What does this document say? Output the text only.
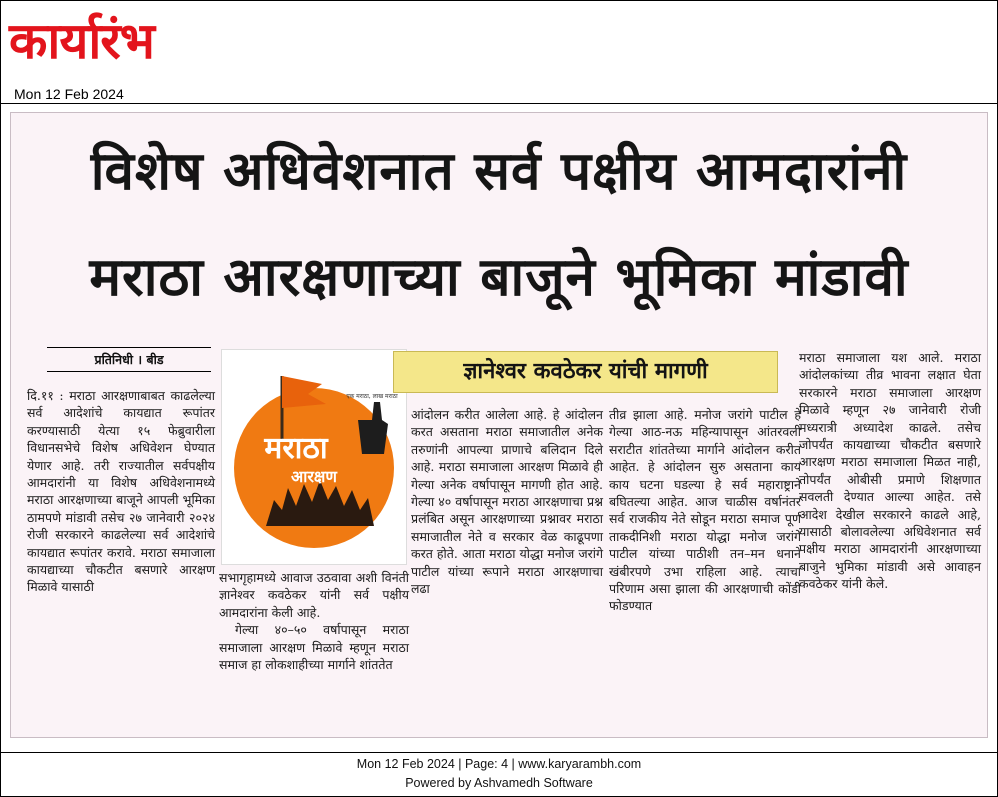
कार्यारंभ
Mon 12 Feb 2024
विशेष अधिवेशनात सर्व पक्षीय आमदारांनी
मराठा आरक्षणाच्या बाजूने भूमिका मांडावी
प्रतिनिधी । बीड
एक मराठा, लाख मराठा
मराठा
आरक्षण
ज्ञानेश्वर कवठेकर यांची मागणी

दि.११ : मराठा आरक्षणाबाबत काढलेल्या सर्व आदेशांचे कायद्यात रूपांतर करण्यासाठी येत्या १५ फेब्रुवारीला विधानसभेचे विशेष अधिवेशन घेण्यात येणार आहे. तरी राज्यातील सर्वपक्षीय आमदारांनी या विशेष अधिवेशनामध्ये मराठा आरक्षणाच्या बाजूने आपली भूमिका ठामपणे मांडावी तसेच २७ जानेवारी २०२४ रोजी सरकारने काढलेल्या सर्व आदेशांचे कायद्यात रूपांतर करावे. मराठा समाजाला कायद्याच्या चौकटीत बसणारे आरक्षण मिळावे यासाठी

सभागृहामध्ये आवाज उठवावा अशी विनंती ज्ञानेश्वर कवठेकर यांनी सर्व पक्षीय आमदारांना केली आहे.

गेल्या ४०–५० वर्षापासून मराठा समाजाला आरक्षण मिळावे म्हणून मराठा समाज हा लोकशाहीच्या मार्गाने शांततेत

आंदोलन करीत आलेला आहे. हे आंदोलन करत असताना मराठा समाजातील अनेक तरुणांनी आपल्या प्राणाचे बलिदान दिले आहे. मराठा समाजाला आरक्षण मिळावे ही गेल्या अनेक वर्षापासून मागणी होत आहे. गेल्या ४० वर्षापासून मराठा आरक्षणाचा प्रश्न प्रलंबित असून आरक्षणाच्या प्रश्नावर मराठा समाजातील नेते व सरकार वेळ काढूपणा करत होते. आता मराठा योद्धा मनोज जरांगे पाटील यांच्या रूपाने मराठा आरक्षणाचा लढा

तीव्र झाला आहे. मनोज जरांगे पाटील हे गेल्या आठ-नऊ महिन्यापासून आंतरवली सराटीत शांततेच्या मार्गाने आंदोलन करीत आहेत. हे आंदोलन सुरु असताना काय काय घटना घडल्या हे सर्व महाराष्ट्राने बघितल्या आहेत. आज चाळीस वर्षानंतर सर्व राजकीय नेते सोडून मराठा समाज पूर्ण ताकदीनिशी मराठा योद्धा मनोज जरांगे पाटील यांच्या पाठीशी तन–मन धनाने खंबीरपणे उभा राहिला आहे. त्याचा परिणाम असा झाला की आरक्षणाची कोंडी फोडण्यात

मराठा समाजाला यश आले. मराठा आंदोलकांच्या तीव्र भावना लक्षात घेता सरकारने मराठा समाजाला आरक्षण मिळावे म्हणून २७ जानेवारी रोजी मध्यरात्री अध्यादेश काढले. तसेच जोपर्यंत कायद्याच्या चौकटीत बसणारे आरक्षण मराठा समाजाला मिळत नाही, तोपर्यंत ओबीसी प्रमाणे शिक्षणात सवलती देण्यात आल्या आहेत. तसे आदेश देखील सरकारने काढले आहे, यासाठी बोलावलेल्या अधिवेशनात सर्व पक्षीय मराठा आमदारांनी आरक्षणाच्या बाजुने भुमिका मांडावी असे आवाहन कवठेकर यांनी केले.

Mon 12 Feb 2024 | Page: 4 | www.karyarambh.com
Powered by Ashvamedh Software
